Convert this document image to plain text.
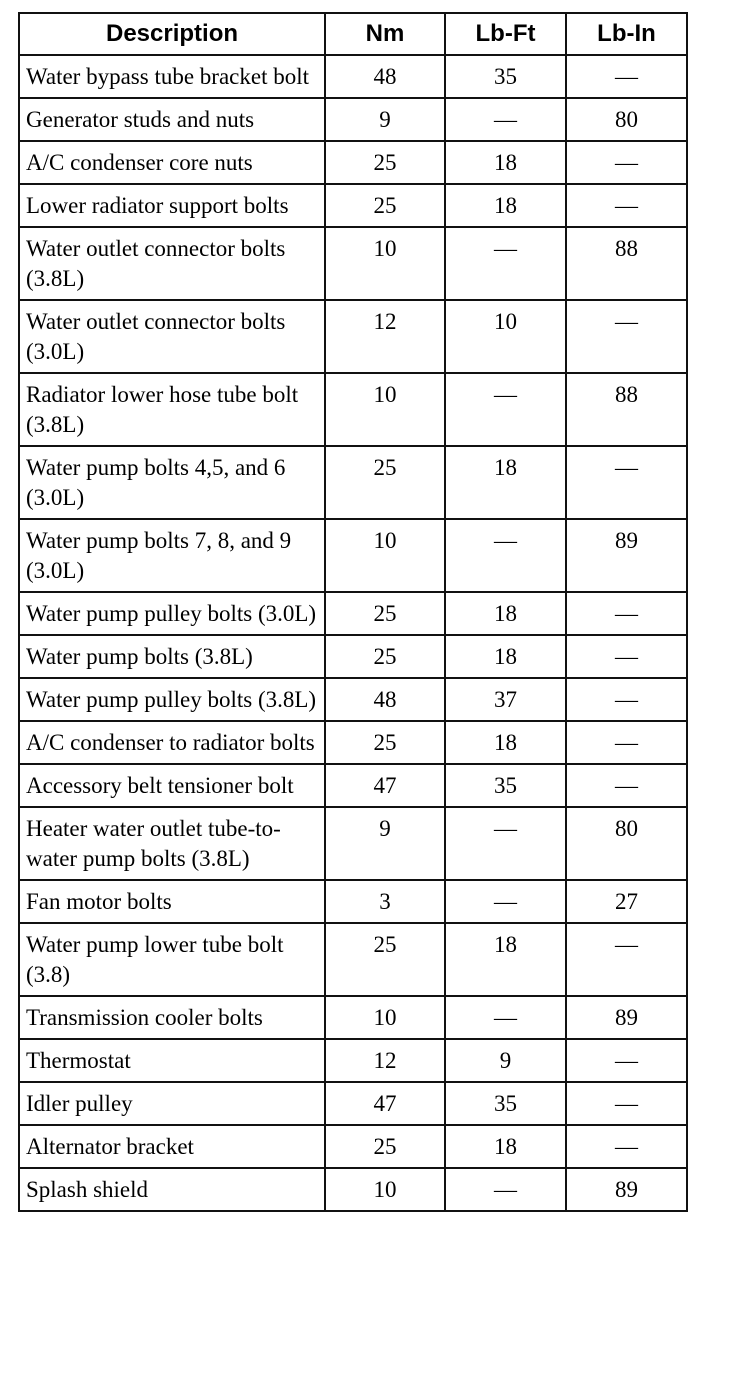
Description	Nm	Lb-Ft	Lb-In

Water bypass tube bracket bolt	48	35	—

Generator studs and nuts	9	—	80

A/C condenser core nuts	25	18	—

Lower radiator support bolts	25	18	—

Water outlet connector bolts (3.8L)	10	—	88

Water outlet connector bolts (3.0L)	12	10	—

Radiator lower hose tube bolt (3.8L)	10	—	88

Water pump bolts 4,5, and 6 (3.0L)	25	18	—

Water pump bolts 7, 8, and 9 (3.0L)	10	—	89

Water pump pulley bolts (3.0L)	25	18	—

Water pump bolts (3.8L)	25	18	—

Water pump pulley bolts (3.8L)	48	37	—

A/C condenser to radiator bolts	25	18	—

Accessory belt tensioner bolt	47	35	—

Heater water outlet tube-to-water pump bolts (3.8L)	9	—	80

Fan motor bolts	3	—	27

Water pump lower tube bolt (3.8)	25	18	—

Transmission cooler bolts	10	—	89

Thermostat	12	9	—

Idler pulley	47	35	—

Alternator bracket	25	18	—

Splash shield	10	—	89
